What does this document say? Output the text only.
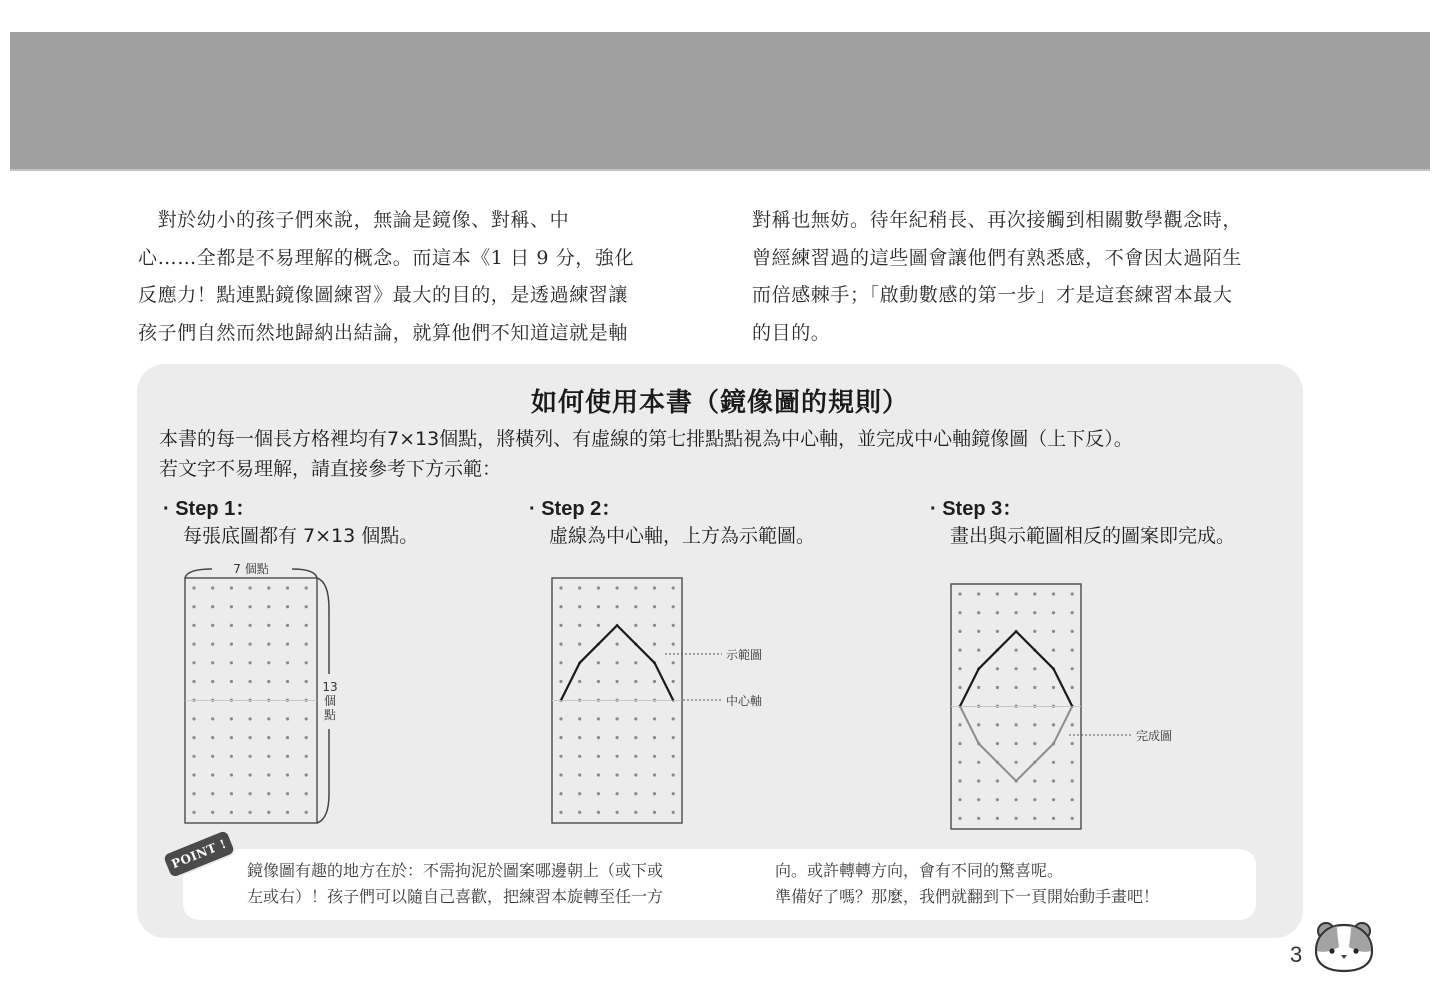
　對於幼小的孩子們來說，無論是鏡像、對稱、中

心……全都是不易理解的概念。而這本《1 日 9 分，強化

反應力！點連點鏡像圖練習》最大的目的，是透過練習讓

孩子們自然而然地歸納出結論，就算他們不知道這就是軸

對稱也無妨。待年紀稍長、再次接觸到相關數學觀念時，

曾經練習過的這些圖會讓他們有熟悉感，不會因太過陌生

而倍感棘手；「啟動數感的第一步」才是這套練習本最大

的目的。

如何使用本書（鏡像圖的規則）

本書的每一個長方格裡均有7×13個點，將橫列、有虛線的第七排點點視為中心軸，並完成中心軸鏡像圖（上下反）。

若文字不易理解，請直接參考下方示範：

· Step 1：
每張底圖都有 7×13 個點。
· Step 2：
虛線為中心軸，上方為示範圖。
· Step 3：
畫出與示範圖相反的圖案即完成。
7 個點
13
個
點
示範圖
中心軸
完成圖
POINT !	鏡像圖有趣的地方在於：不需拘泥於圖案哪邊朝上（或下或

左或右）！孩子們可以隨自己喜歡，把練習本旋轉至任一方

向。或許轉轉方向，會有不同的驚喜呢。

準備好了嗎？那麼，我們就翻到下一頁開始動手畫吧！

3
